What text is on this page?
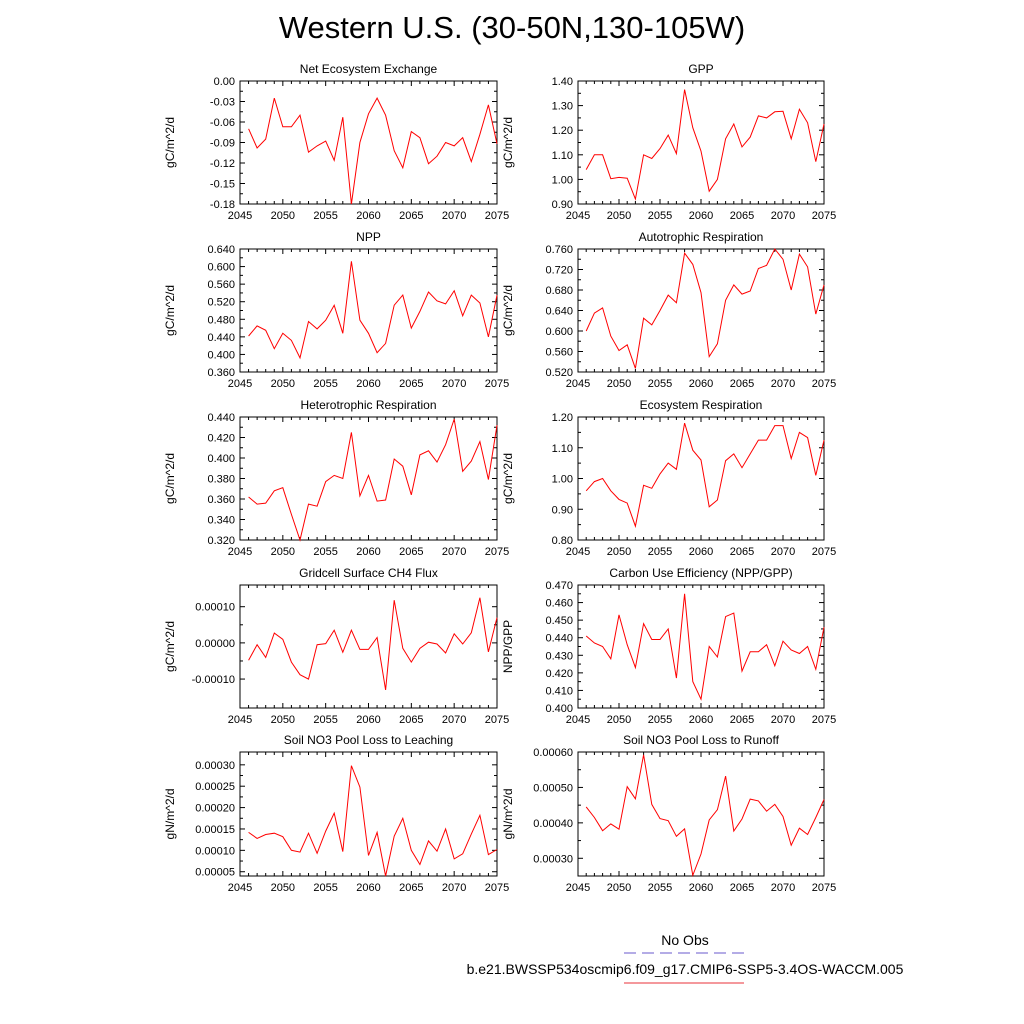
Western U.S. (30-50N,130-105W)
Net Ecosystem Exchange
gC/m^2/d
2045 2050 2055 2060 2065 2070 2075
-0.18
-0.15
-0.12
-0.09
-0.06
-0.03
0.00
GPP
gC/m^2/d
2045 2050 2055 2060 2065 2070 2075
0.90
1.00
1.10
1.20
1.30
1.40
NPP
gC/m^2/d
2045 2050 2055 2060 2065 2070 2075
0.360
0.400
0.440
0.480
0.520
0.560
0.600
0.640
Autotrophic Respiration
gC/m^2/d
2045 2050 2055 2060 2065 2070 2075
0.520
0.560
0.600
0.640
0.680
0.720
0.760
Heterotrophic Respiration
gC/m^2/d
2045 2050 2055 2060 2065 2070 2075
0.320
0.340
0.360
0.380
0.400
0.420
0.440
Ecosystem Respiration
gC/m^2/d
2045 2050 2055 2060 2065 2070 2075
0.80
0.90
1.00
1.10
1.20
Gridcell Surface CH4 Flux
gC/m^2/d
2045 2050 2055 2060 2065 2070 2075
-0.00010
0.00000
0.00010
Carbon Use Efficiency (NPP/GPP)
NPP/GPP
2045 2050 2055 2060 2065 2070 2075
0.400
0.410
0.420
0.430
0.440
0.450
0.460
0.470
Soil NO3 Pool Loss to Leaching
gN/m^2/d
2045 2050 2055 2060 2065 2070 2075
0.00005
0.00010
0.00015
0.00020
0.00025
0.00030
Soil NO3 Pool Loss to Runoff
gN/m^2/d
2045 2050 2055 2060 2065 2070 2075
0.00030
0.00040
0.00050
0.00060
No Obs
b.e21.BWSSP534oscmip6.f09_g17.CMIP6-SSP5-3.4OS-WACCM.005
